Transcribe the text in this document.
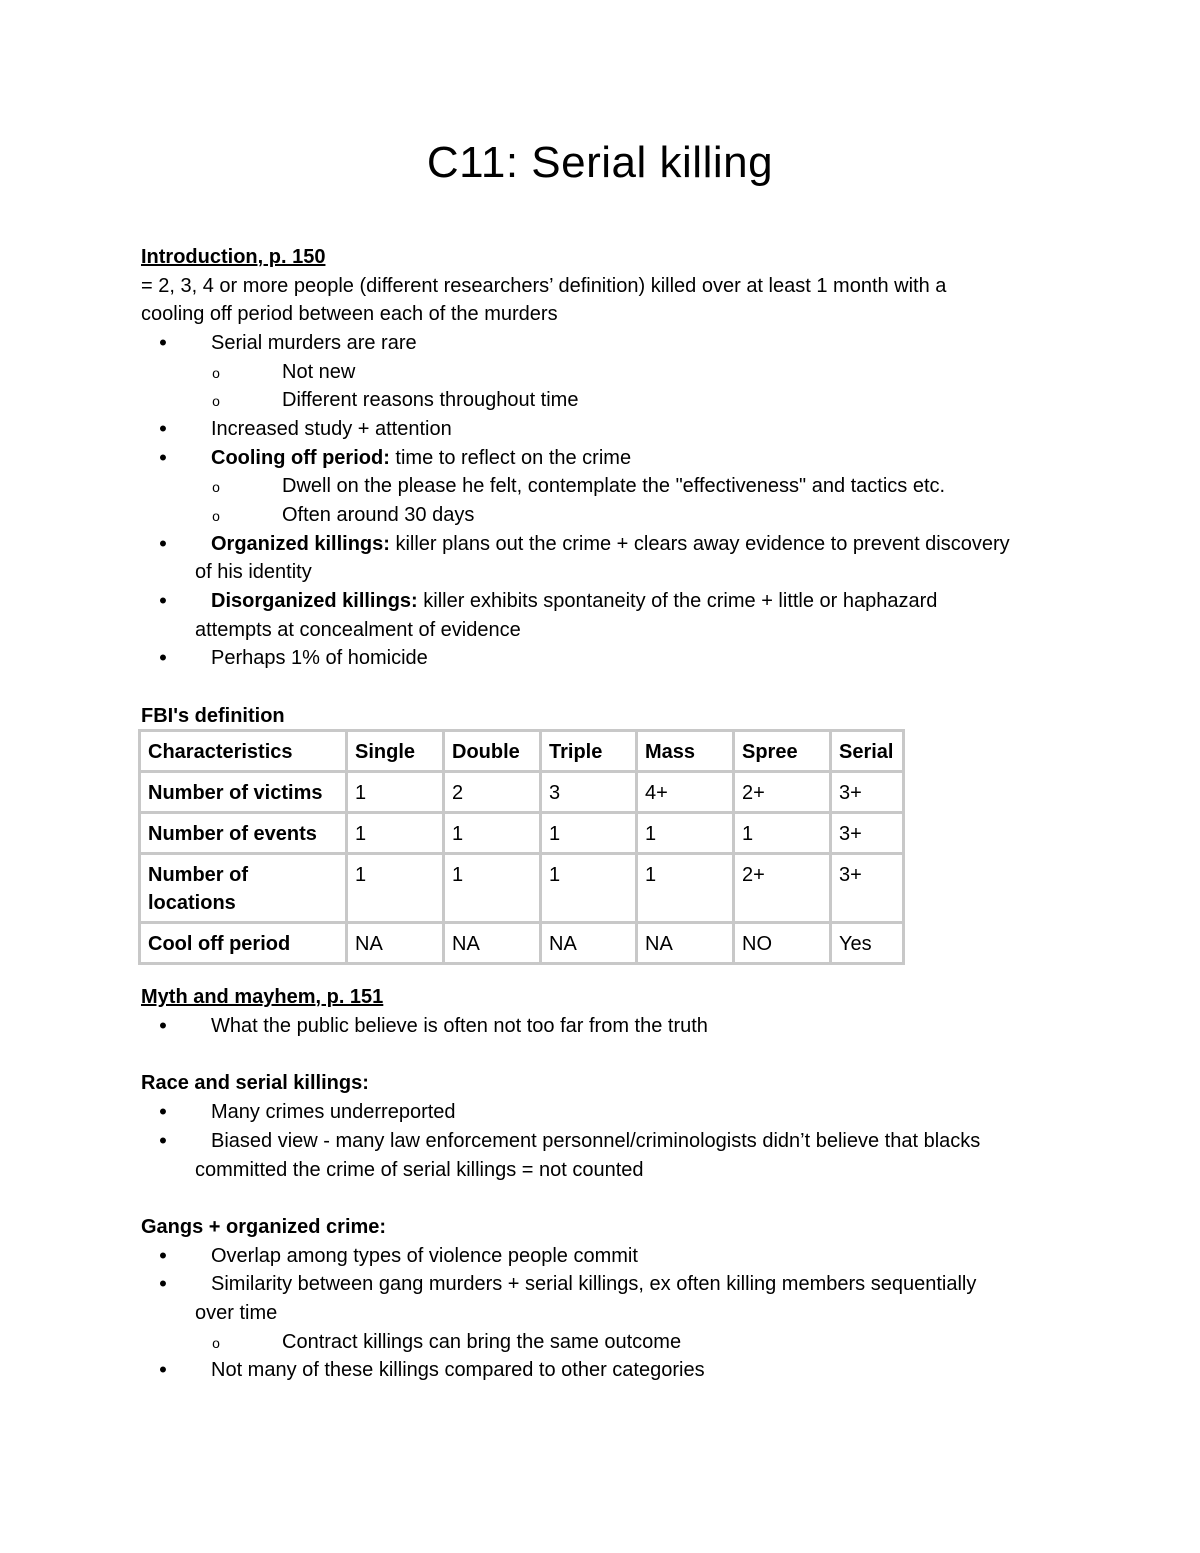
C11: Serial killing
Introduction, p. 150
= 2, 3, 4 or more people (different researchers’ definition) killed over at least 1 month with a
cooling off period between each of the murders
•	Serial murders are rare
o	Not new
o	Different reasons throughout time
•	Increased study + attention
•	Cooling off period: time to reflect on the crime
o	Dwell on the please he felt, contemplate the "effectiveness" and tactics etc.
o	Often around 30 days
•	Organized killings: killer plans out the crime + clears away evidence to prevent discovery
of his identity
•	Disorganized killings: killer exhibits spontaneity of the crime + little or haphazard
attempts at concealment of evidence
•	Perhaps 1% of homicide
FBI's definition
Characteristics	Single	Double	Triple	Mass	Spree	Serial
Number of victims	1	2	3	4+	2+	3+
Number of events	1	1	1	1	1	3+
Number of
locations	1	1	1	1	2+	3+
Cool off period	NA	NA	NA	NA	NO	Yes
Myth and mayhem, p. 151
•	What the public believe is often not too far from the truth
Race and serial killings:
•	Many crimes underreported
•	Biased view - many law enforcement personnel/criminologists didn’t believe that blacks
committed the crime of serial killings = not counted
Gangs + organized crime:
•	Overlap among types of violence people commit
•	Similarity between gang murders + serial killings, ex often killing members sequentially
over time
o	Contract killings can bring the same outcome
•	Not many of these killings compared to other categories
